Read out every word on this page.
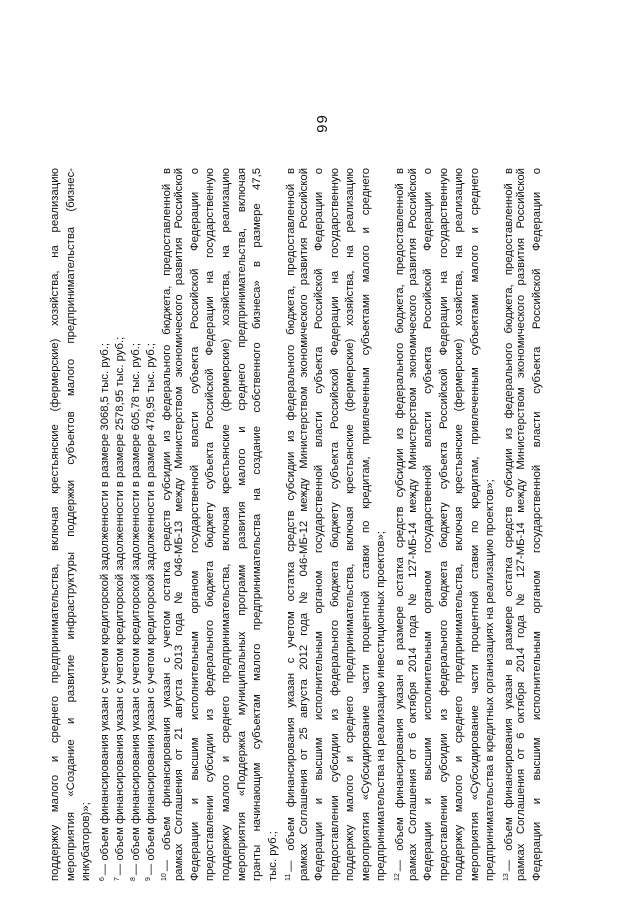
99
поддержку малого и среднего предпринимательства, включая крестьянские (фермерские) хозяйства, на реализацию мероприятия «Создание и развитие инфраструктуры поддержки субъектов малого предпринимательства (бизнес- инкубаторов)»; $^6$— объем финансирования указан с учетом кредиторской задолженности в размере 3068,5 тыс. руб.;
$^7$— объем финансирования указан с учетом кредиторской задолженности в размере 2578,95 тыс. руб.;
$^8$— объем финансирования указан с учетом кредиторской задолженности в размере 605,78 тыс. руб.;
$^9$— объем финансирования указан с учетом кредиторской задолженности в размере 478,95 тыс. руб.;
$^{10}$— объем финансирования указан с учетом остатка средств субсидии из федерального бюджета, предоставленной в рамках Соглашения от 21 августа 2013 года № 046-МБ-13 между Министерством экономического развития Российской Федерации и высшим исполнительным органом государственной власти субъекта Российской Федерации о предоставлении субсидии из федерального бюджета бюджету субъекта Российской Федерации на государственную поддержку малого и среднего предпринимательства, включая крестьянские (фермерские) хозяйства, на реализацию мероприятия «Поддержка муниципальных программ развития малого и среднего предпринимательства, включая гранты начинающим субъектам малого предпринимательства на создание собственного бизнеса» в размере 47,5 тыс. руб.; $^{11}$— объем финансирования указан с учетом остатка средств субсидии из федерального бюджета, предоставленной в рамках Соглашения от 25 августа 2012 года № 046-МБ-12 между Министерством экономического развития Российской Федерации и высшим исполнительным органом государственной власти субъекта Российской Федерации о предоставлении субсидии из федерального бюджета бюджету субъекта Российской Федерации на государственную поддержку малого и среднего предпринимательства, включая крестьянские (фермерские) хозяйства, на реализацию мероприятия «Субсидирование части процентной ставки по кредитам, привлеченным субъектами малого и среднего предпринимательства на реализацию инвестиционных проектов»; $^{12}$— объем финансирования указан в размере остатка средств субсидии из федерального бюджета, предоставленной в рамках Соглашения от 6 октября 2014 года № 127-МБ-14 между Министерством экономического развития Российской Федерации и высшим исполнительным органом государственной власти субъекта Российской Федерации о предоставлении субсидии из федерального бюджета бюджету субъекта Российской Федерации на государственную поддержку малого и среднего предпринимательства, включая крестьянские (фермерские) хозяйства, на реализацию мероприятия «Субсидирование части процентной ставки по кредитам, привлеченным субъектами малого и среднего предпринимательства в кредитных организациях на реализацию проектов»; $^{13}$— объем финансирования указан в размере остатка средств субсидии из федерального бюджета, предоставленной в рамках Соглашения от 6 октября 2014 года № 127-МБ-14 между Министерством экономического развития Российской Федерации и высшим исполнительным органом государственной власти субъекта Российской Федерации о
